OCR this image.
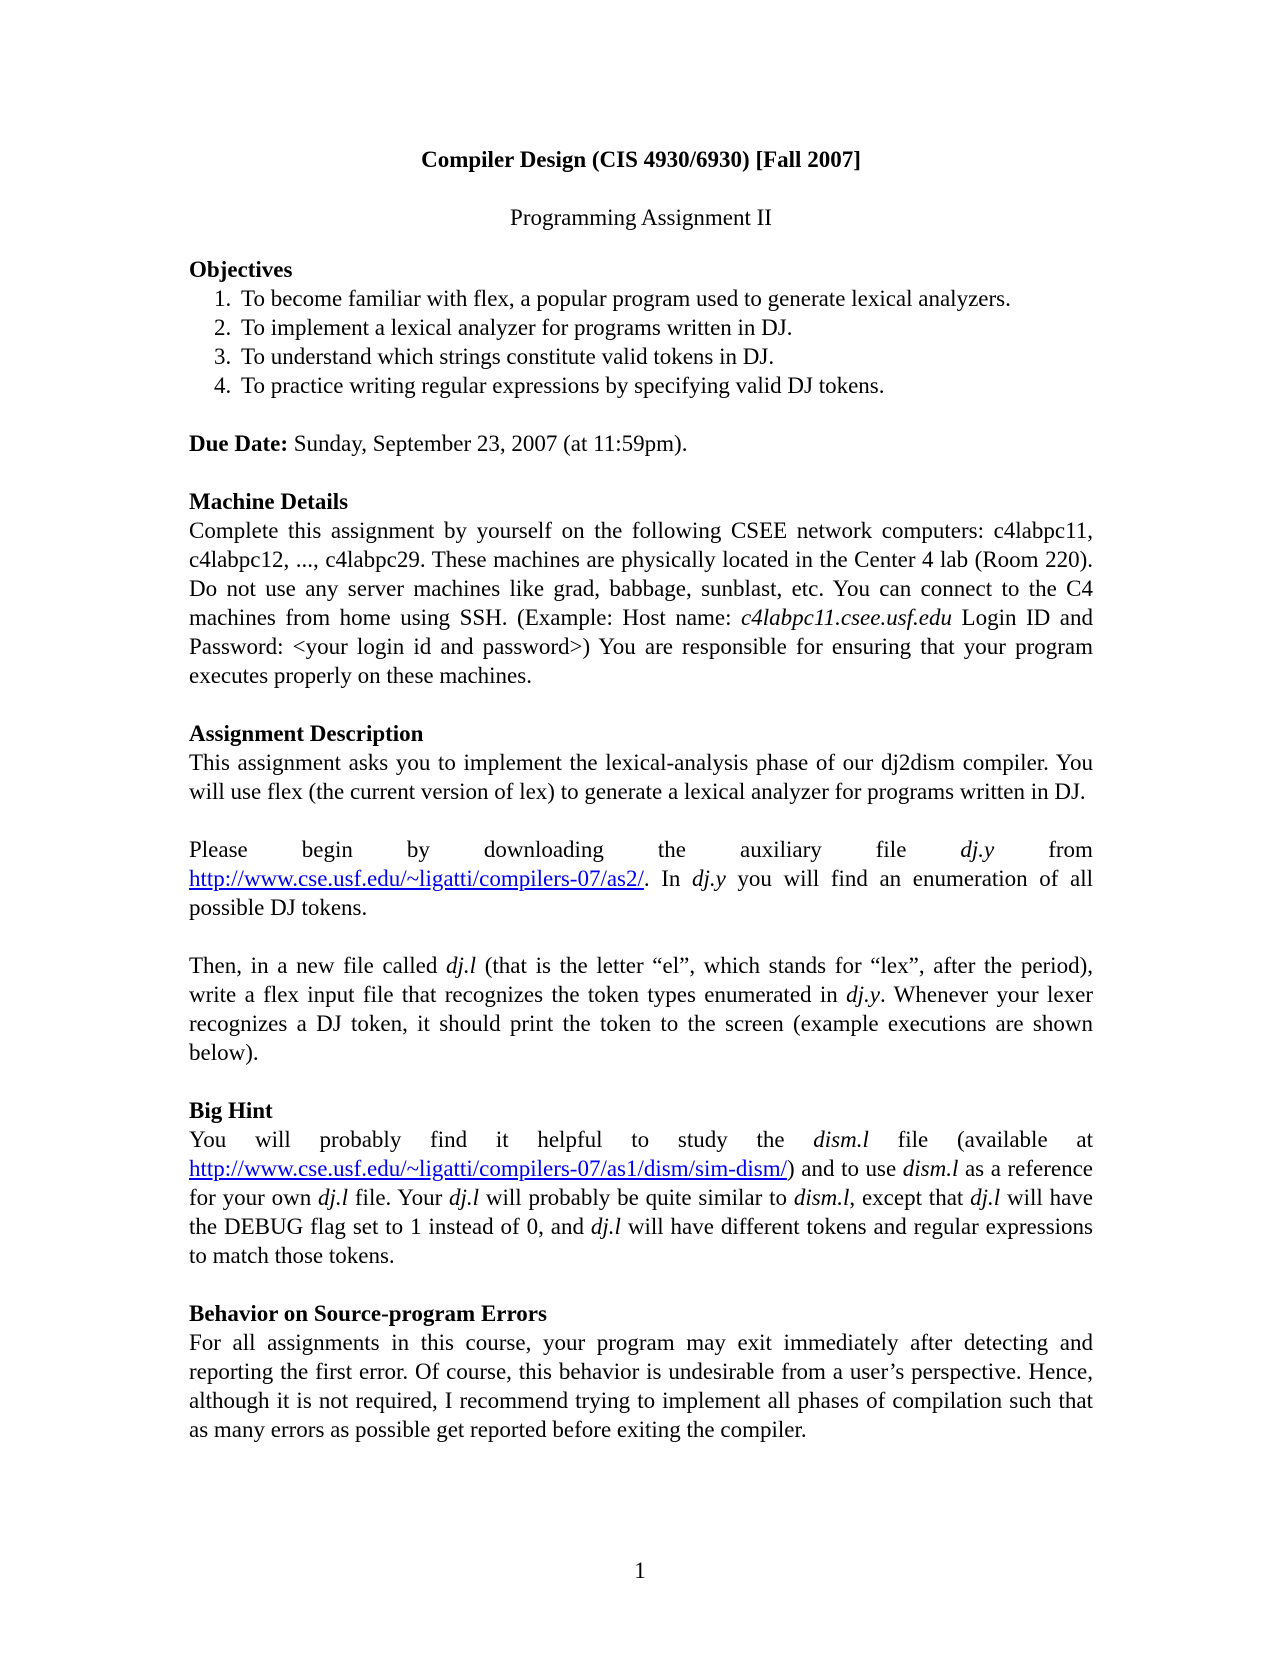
Compiler Design (CIS 4930/6930) [Fall 2007]

Programming Assignment II

Objectives
1. To become familiar with flex, a popular program used to generate lexical analyzers.
2. To implement a lexical analyzer for programs written in DJ.
3. To understand which strings constitute valid tokens in DJ.
4. To practice writing regular expressions by specifying valid DJ tokens.

Due Date: Sunday, September 23, 2007 (at 11:59pm).

Machine Details

Complete this assignment by yourself on the following CSEE network computers: c4labpc11, c4labpc12, ..., c4labpc29. These machines are physically located in the Center 4 lab (Room 220). Do not use any server machines like grad, babbage, sunblast, etc. You can connect to the C4 machines from home using SSH. (Example: Host name: c4labpc11.csee.usf.edu Login ID and Password: <your login id and password>) You are responsible for ensuring that your program executes properly on these machines.

Assignment Description

This assignment asks you to implement the lexical-analysis phase of our dj2dism compiler. You will use flex (the current version of lex) to generate a lexical analyzer for programs written in DJ.

Please begin by downloading the auxiliary file dj.y from

http://www.cse.usf.edu/~ligatti/compilers-07/as2/. In dj.y you will find an enumeration of all possible DJ tokens.

Then, in a new file called dj.l (that is the letter “el”, which stands for “lex”, after the period), write a flex input file that recognizes the token types enumerated in dj.y. Whenever your lexer recognizes a DJ token, it should print the token to the screen (example executions are shown below).

Big Hint

You will probably find it helpful to study the dism.l file (available at http://www.cse.usf.edu/~ligatti/compilers-07/as1/dism/sim-dism/) and to use dism.l as a reference for your own dj.l file. Your dj.l will probably be quite similar to dism.l, except that dj.l will have the DEBUG flag set to 1 instead of 0, and dj.l will have different tokens and regular expressions to match those tokens.

Behavior on Source-program Errors

For all assignments in this course, your program may exit immediately after detecting and reporting the first error. Of course, this behavior is undesirable from a user’s perspective. Hence, although it is not required, I recommend trying to implement all phases of compilation such that as many errors as possible get reported before exiting the compiler.

1
